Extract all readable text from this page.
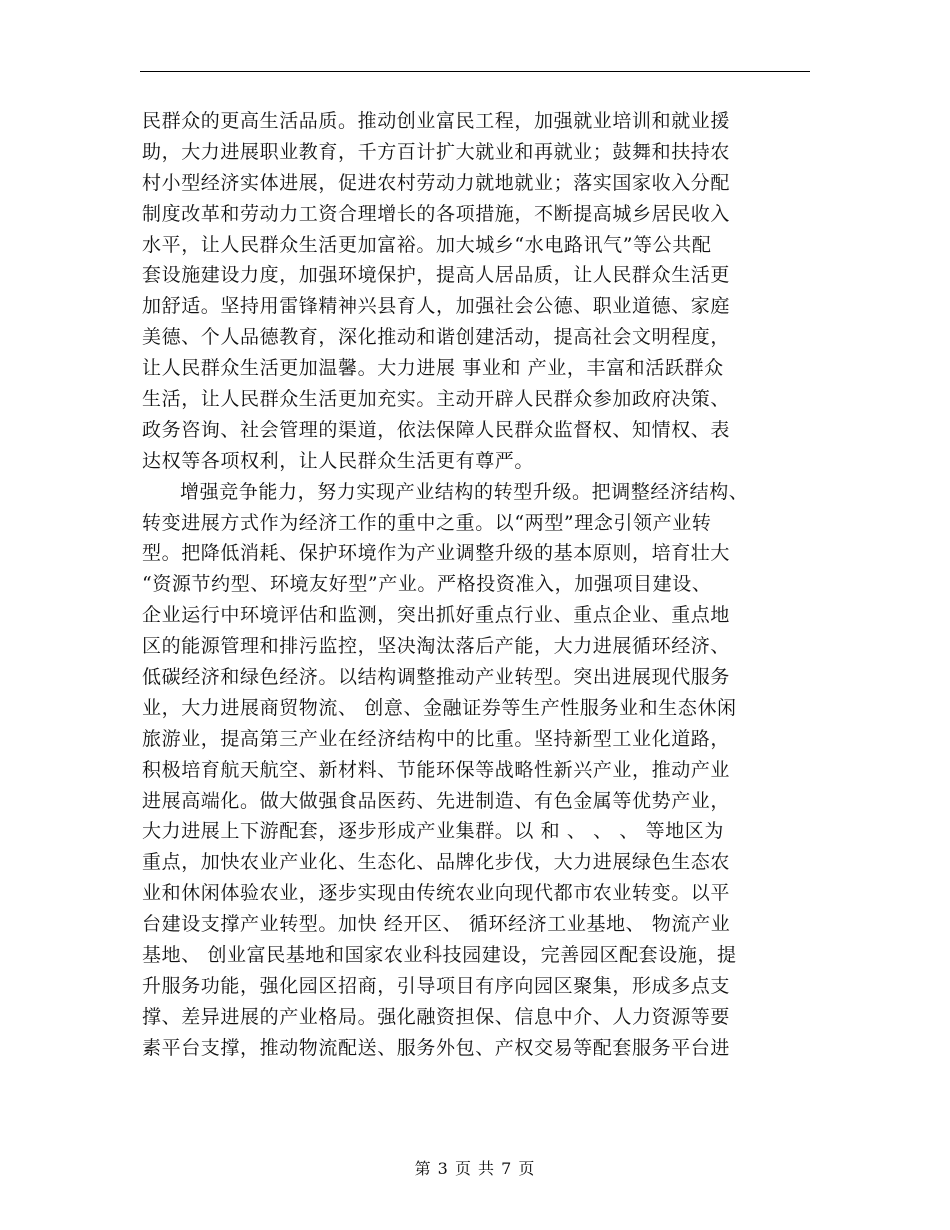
民群众的更高生活品质。推动创业富民工程，加强就业培训和就业援
助，大力进展职业教育，千方百计扩大就业和再就业；鼓舞和扶持农
村小型经济实体进展，促进农村劳动力就地就业；落实国家收入分配
制度改革和劳动力工资合理增长的各项措施，不断提高城乡居民收入
水平，让人民群众生活更加富裕。加大城乡“水电路讯气”等公共配
套设施建设力度，加强环境保护，提高人居品质，让人民群众生活更
加舒适。坚持用雷锋精神兴县育人，加强社会公德、职业道德、家庭
美德、个人品德教育，深化推动和谐创建活动，提高社会文明程度，
让人民群众生活更加温馨。大力进展 事业和 产业，丰富和活跃群众
生活，让人民群众生活更加充实。主动开辟人民群众参加政府决策、
政务咨询、社会管理的渠道，依法保障人民群众监督权、知情权、表
达权等各项权利，让人民群众生活更有尊严。
增强竞争能力，努力实现产业结构的转型升级。把调整经济结构、
转变进展方式作为经济工作的重中之重。以“两型”理念引领产业转
型。把降低消耗、保护环境作为产业调整升级的基本原则，培育壮大
“资源节约型、环境友好型”产业。严格投资准入，加强项目建设、
企业运行中环境评估和监测，突出抓好重点行业、重点企业、重点地
区的能源管理和排污监控，坚决淘汰落后产能，大力进展循环经济、
低碳经济和绿色经济。以结构调整推动产业转型。突出进展现代服务
业，大力进展商贸物流、 创意、金融证券等生产性服务业和生态休闲
旅游业，提高第三产业在经济结构中的比重。坚持新型工业化道路，
积极培育航天航空、新材料、节能环保等战略性新兴产业，推动产业
进展高端化。做大做强食品医药、先进制造、有色金属等优势产业，
大力进展上下游配套，逐步形成产业集群。以 和 、 、 、 等地区为
重点，加快农业产业化、生态化、品牌化步伐，大力进展绿色生态农
业和休闲体验农业，逐步实现由传统农业向现代都市农业转变。以平
台建设支撑产业转型。加快 经开区、 循环经济工业基地、 物流产业
基地、 创业富民基地和国家农业科技园建设，完善园区配套设施，提
升服务功能，强化园区招商，引导项目有序向园区聚集，形成多点支
撑、差异进展的产业格局。强化融资担保、信息中介、人力资源等要
素平台支撑，推动物流配送、服务外包、产权交易等配套服务平台进
第 3 页 共 7 页
